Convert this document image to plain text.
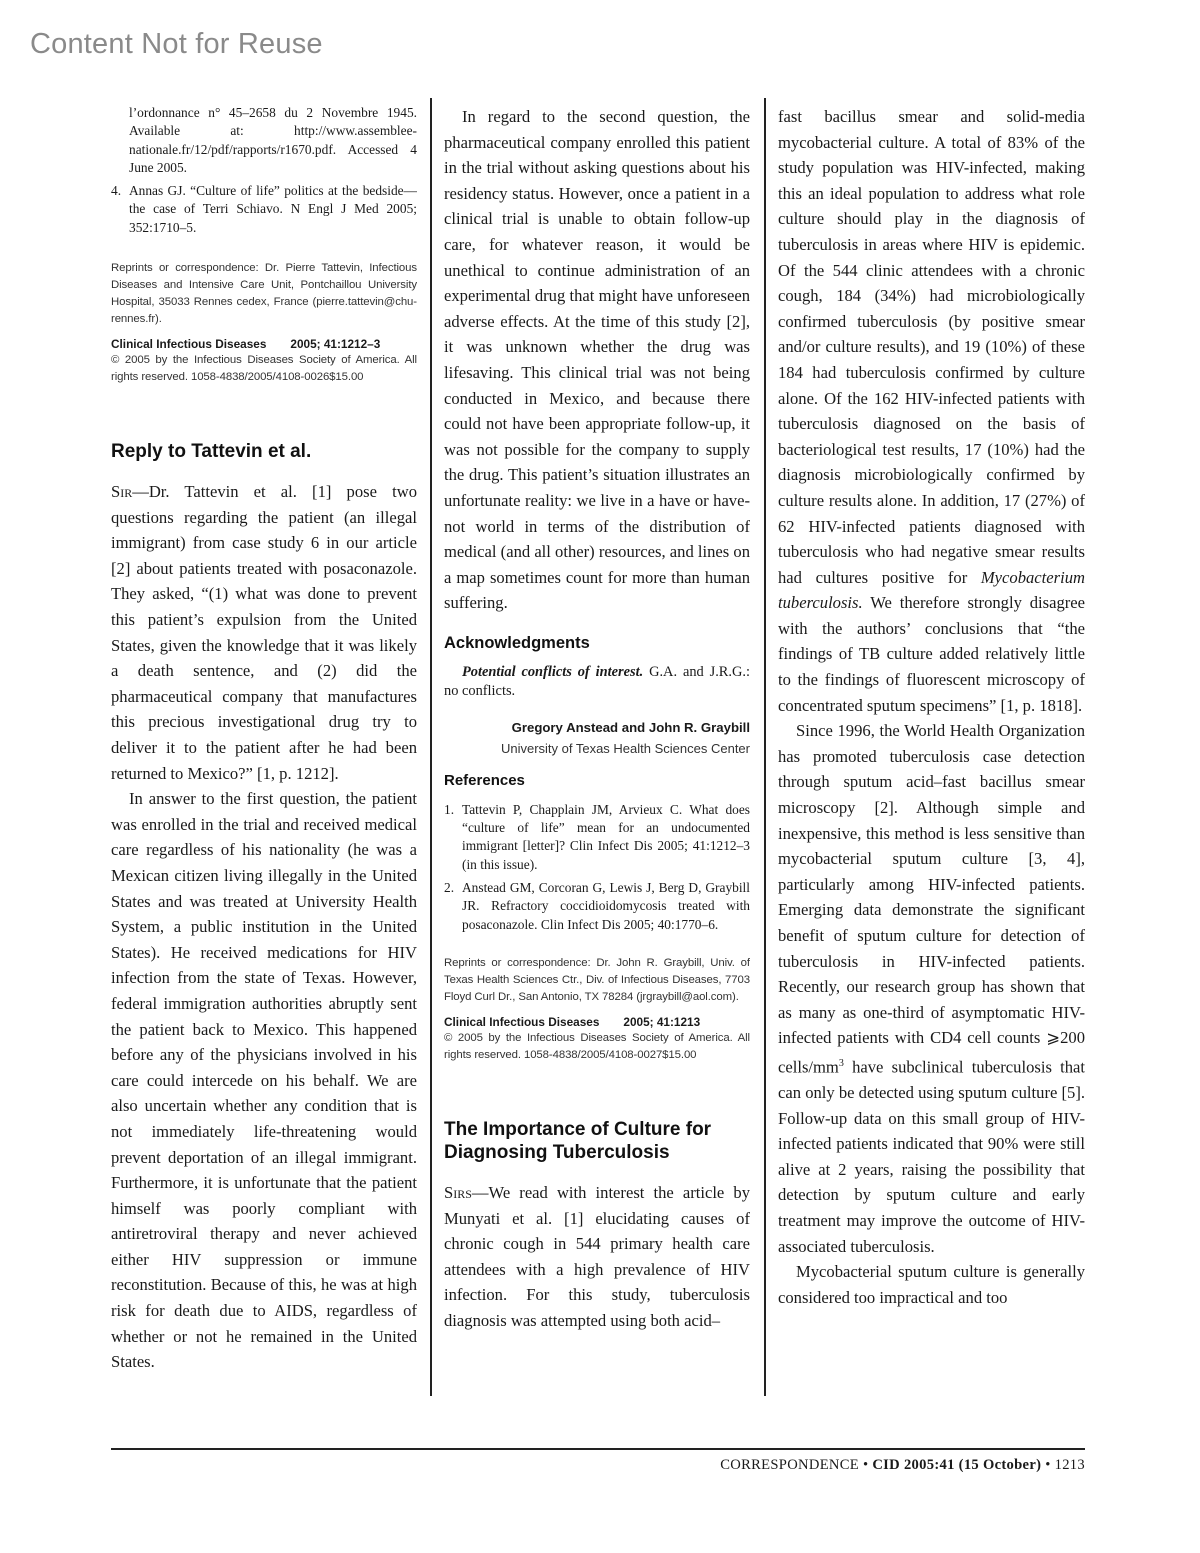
Content Not for Reuse
l’ordonnance n° 45–2658 du 2 Novembre 1945. Available at: http://www.assemblee-nationale.fr/12/pdf/rapports/r1670.pdf. Accessed 4 June 2005.
4. Annas GJ. “Culture of life” politics at the bedside—the case of Terri Schiavo. N Engl J Med 2005; 352:1710–5.

Reprints or correspondence: Dr. Pierre Tattevin, Infectious Diseases and Intensive Care Unit, Pontchaillou University Hospital, 35033 Rennes cedex, France (pierre.tattevin@chu-rennes.fr).

Clinical Infectious Diseases 2005; 41:1212–3

© 2005 by the Infectious Diseases Society of America. All rights reserved. 1058-4838/2005/4108-0026$15.00

Reply to Tattevin et al.

Sir—Dr. Tattevin et al. [1] pose two questions regarding the patient (an illegal immigrant) from case study 6 in our article [2] about patients treated with posaconazole. They asked, “(1) what was done to prevent this patient’s expulsion from the United States, given the knowledge that it was likely a death sentence, and (2) did the pharmaceutical company that manufactures this precious investigational drug try to deliver it to the patient after he had been returned to Mexico?” [1, p. 1212].

In answer to the first question, the patient was enrolled in the trial and received medical care regardless of his nationality (he was a Mexican citizen living illegally in the United States and was treated at University Health System, a public institution in the United States). He received medications for HIV infection from the state of Texas. However, federal immigration authorities abruptly sent the patient back to Mexico. This happened before any of the physicians involved in his care could intercede on his behalf. We are also uncertain whether any condition that is not immediately life-threatening would prevent deportation of an illegal immigrant. Furthermore, it is unfortunate that the patient himself was poorly compliant with antiretroviral therapy and never achieved either HIV suppression or immune reconstitution. Because of this, he was at high risk for death due to AIDS, regardless of whether or not he remained in the United States.

In regard to the second question, the pharmaceutical company enrolled this patient in the trial without asking questions about his residency status. However, once a patient in a clinical trial is unable to obtain follow-up care, for whatever reason, it would be unethical to continue administration of an experimental drug that might have unforeseen adverse effects. At the time of this study [2], it was unknown whether the drug was lifesaving. This clinical trial was not being conducted in Mexico, and because there could not have been appropriate follow-up, it was not possible for the company to supply the drug. This patient’s situation illustrates an unfortunate reality: we live in a have or have-not world in terms of the distribution of medical (and all other) resources, and lines on a map sometimes count for more than human suffering.

Acknowledgments

Potential conflicts of interest. G.A. and J.R.G.: no conflicts.

Gregory Anstead and John R. Graybill

University of Texas Health Sciences Center

References
1. Tattevin P, Chapplain JM, Arvieux C. What does “culture of life” mean for an undocumented immigrant [letter]? Clin Infect Dis 2005; 41:1212–3 (in this issue).
2. Anstead GM, Corcoran G, Lewis J, Berg D, Graybill JR. Refractory coccidioidomycosis treated with posaconazole. Clin Infect Dis 2005; 40:1770–6.

Reprints or correspondence: Dr. John R. Graybill, Univ. of Texas Health Sciences Ctr., Div. of Infectious Diseases, 7703 Floyd Curl Dr., San Antonio, TX 78284 (jrgraybill@aol.com).

Clinical Infectious Diseases 2005; 41:1213

© 2005 by the Infectious Diseases Society of America. All rights reserved. 1058-4838/2005/4108-0027$15.00

The Importance of Culture for Diagnosing Tuberculosis

Sirs—We read with interest the article by Munyati et al. [1] elucidating causes of chronic cough in 544 primary health care attendees with a high prevalence of HIV infection. For this study, tuberculosis diagnosis was attempted using both acid–

fast bacillus smear and solid-media mycobacterial culture. A total of 83% of the study population was HIV-infected, making this an ideal population to address what role culture should play in the diagnosis of tuberculosis in areas where HIV is epidemic. Of the 544 clinic attendees with a chronic cough, 184 (34%) had microbiologically confirmed tuberculosis (by positive smear and/or culture results), and 19 (10%) of these 184 had tuberculosis confirmed by culture alone. Of the 162 HIV-infected patients with tuberculosis diagnosed on the basis of bacteriological test results, 17 (10%) had the diagnosis microbiologically confirmed by culture results alone. In addition, 17 (27%) of 62 HIV-infected patients diagnosed with tuberculosis who had negative smear results had cultures positive for Mycobacterium tuberculosis. We therefore strongly disagree with the authors’ conclusions that “the findings of TB culture added relatively little to the findings of fluorescent microscopy of concentrated sputum specimens” [1, p. 1818].

Since 1996, the World Health Organization has promoted tuberculosis case detection through sputum acid–fast bacillus smear microscopy [2]. Although simple and inexpensive, this method is less sensitive than mycobacterial sputum culture [3, 4], particularly among HIV-infected patients. Emerging data demonstrate the significant benefit of sputum culture for detection of tuberculosis in HIV-infected patients. Recently, our research group has shown that as many as one-third of asymptomatic HIV-infected patients with CD4 cell counts ⩾200 cells/$mm^3$ have subclinical tuberculosis that can only be detected using sputum culture [5]. Follow-up data on this small group of HIV-infected patients indicated that 90% were still alive at 2 years, raising the possibility that detection by sputum culture and early treatment may improve the outcome of HIV-associated tuberculosis.

Mycobacterial sputum culture is generally considered too impractical and too

CORRESPONDENCE • CID 2005:41 (15 October) • 1213
